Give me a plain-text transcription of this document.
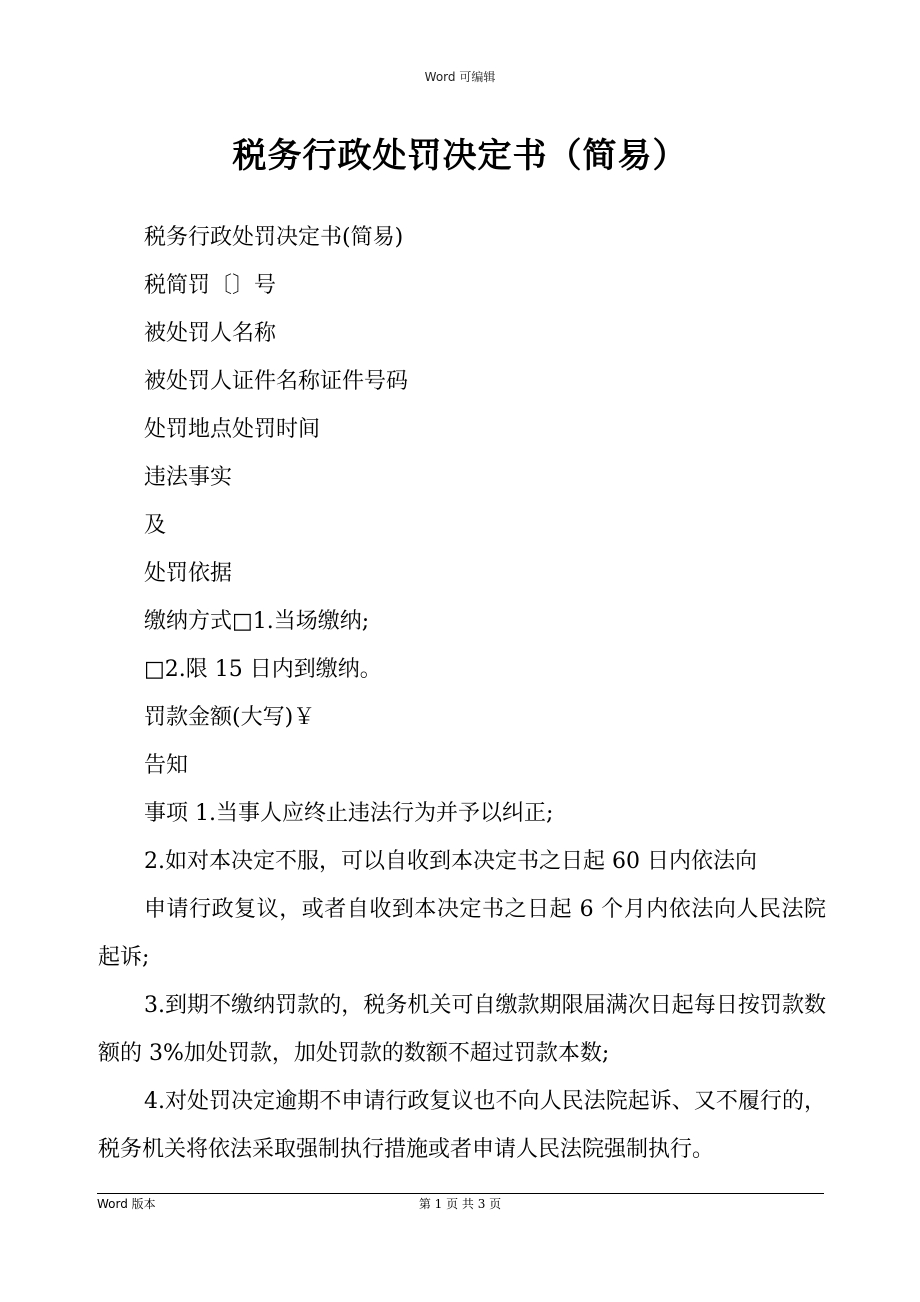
Word 可编辑
税务行政处罚决定书（简易）

税务行政处罚决定书(简易)

税简罚〔〕号

被处罚人名称

被处罚人证件名称证件号码

处罚地点处罚时间

违法事实

及

处罚依据

缴纳方式□1.当场缴纳;

□2.限 15 日内到缴纳。

罚款金额(大写)￥

告知

事项 1.当事人应终止违法行为并予以纠正;

2.如对本决定不服，可以自收到本决定书之日起 60 日内依法向

申请行政复议，或者自收到本决定书之日起 6 个月内依法向人民法院起诉;

3.到期不缴纳罚款的，税务机关可自缴款期限届满次日起每日按罚款数额的 3%加处罚款，加处罚款的数额不超过罚款本数;

4.对处罚决定逾期不申请行政复议也不向人民法院起诉、又不履行的，税务机关将依法采取强制执行措施或者申请人民法院强制执行。

Word 版本	第 1 页 共 3 页
